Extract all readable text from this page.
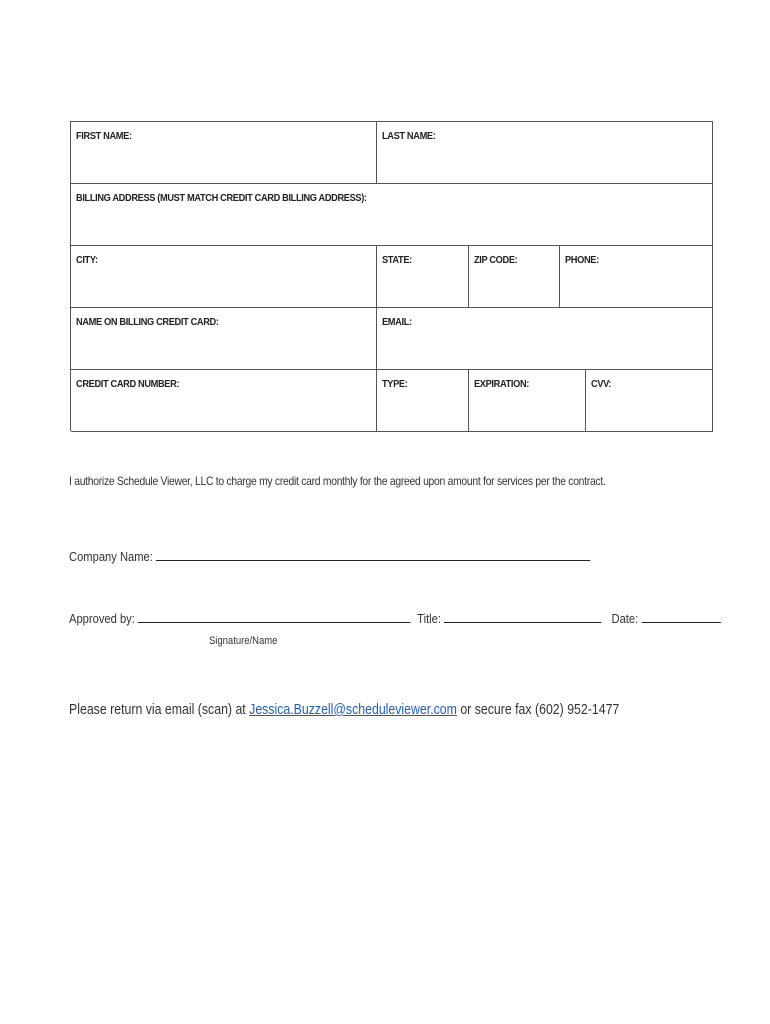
FIRST NAME:	LAST NAME:
BILLING ADDRESS (MUST MATCH CREDIT CARD BILLING ADDRESS):
CITY:	STATE:	ZIP CODE:	PHONE:
NAME ON BILLING CREDIT CARD:	EMAIL:
CREDIT CARD NUMBER:	TYPE:	EXPIRATION:	CVV:
I authorize Schedule Viewer, LLC to charge my credit card monthly for the agreed upon amount for services per the contract.
Company Name:
Approved by:	Title:	Date:
Signature/Name
Please return via email (scan) at Jessica.Buzzell@scheduleviewer.com or secure fax (602) 952-1477
